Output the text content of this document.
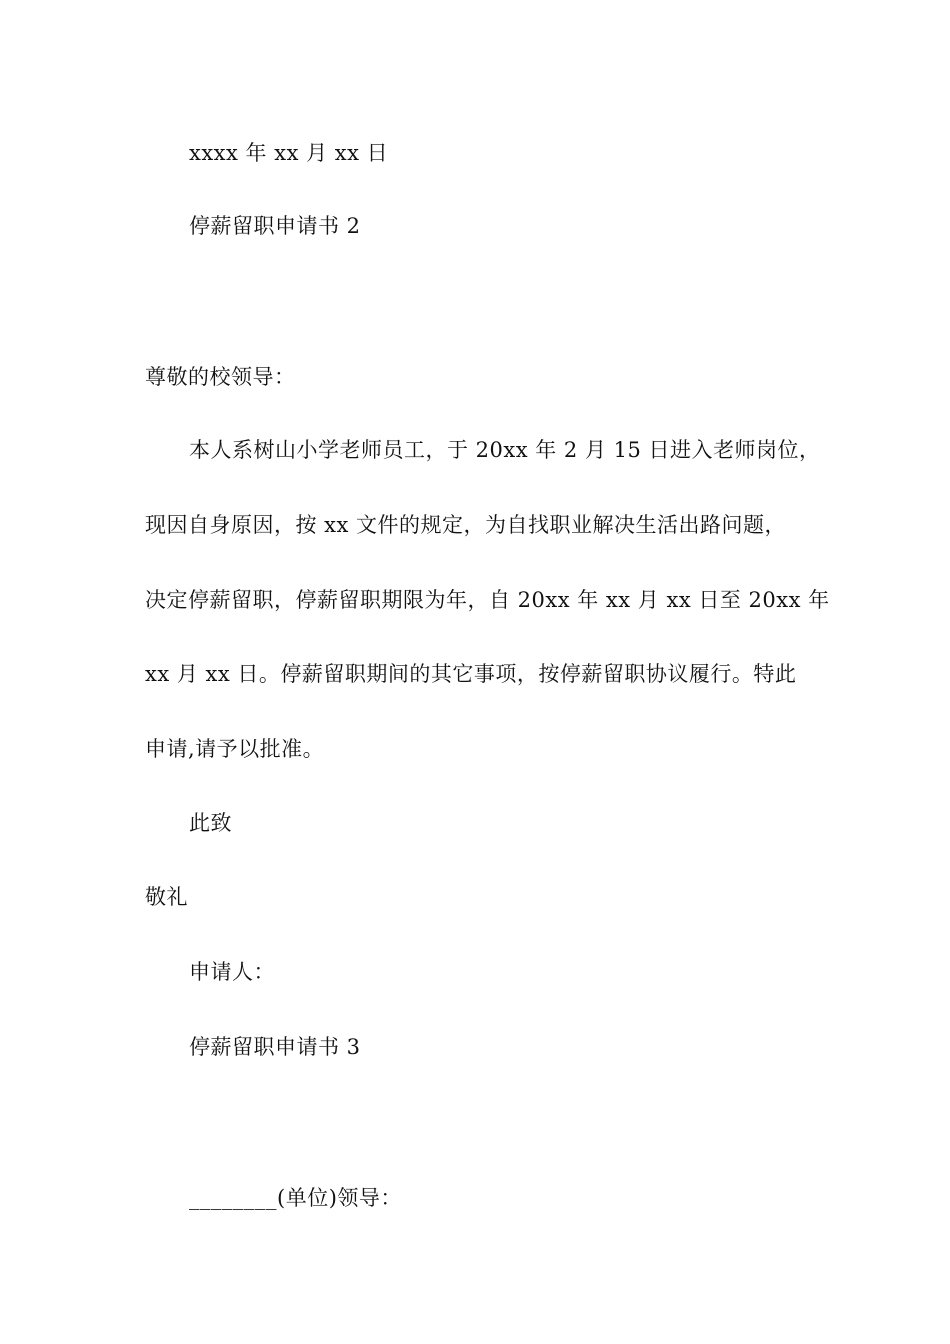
xxxx 年 xx 月 xx 日
停薪留职申请书 2
尊敬的校领导：
本人系树山小学老师员工，于 20xx 年 2 月 15 日进入老师岗位，
现因自身原因，按 xx 文件的规定，为自找职业解决生活出路问题，
决定停薪留职，停薪留职期限为年，自 20xx 年 xx 月 xx 日至 20xx 年
xx 月 xx 日。停薪留职期间的其它事项，按停薪留职协议履行。特此
申请,请予以批准。
此致
敬礼
申请人：
停薪留职申请书 3
________(单位)领导：
